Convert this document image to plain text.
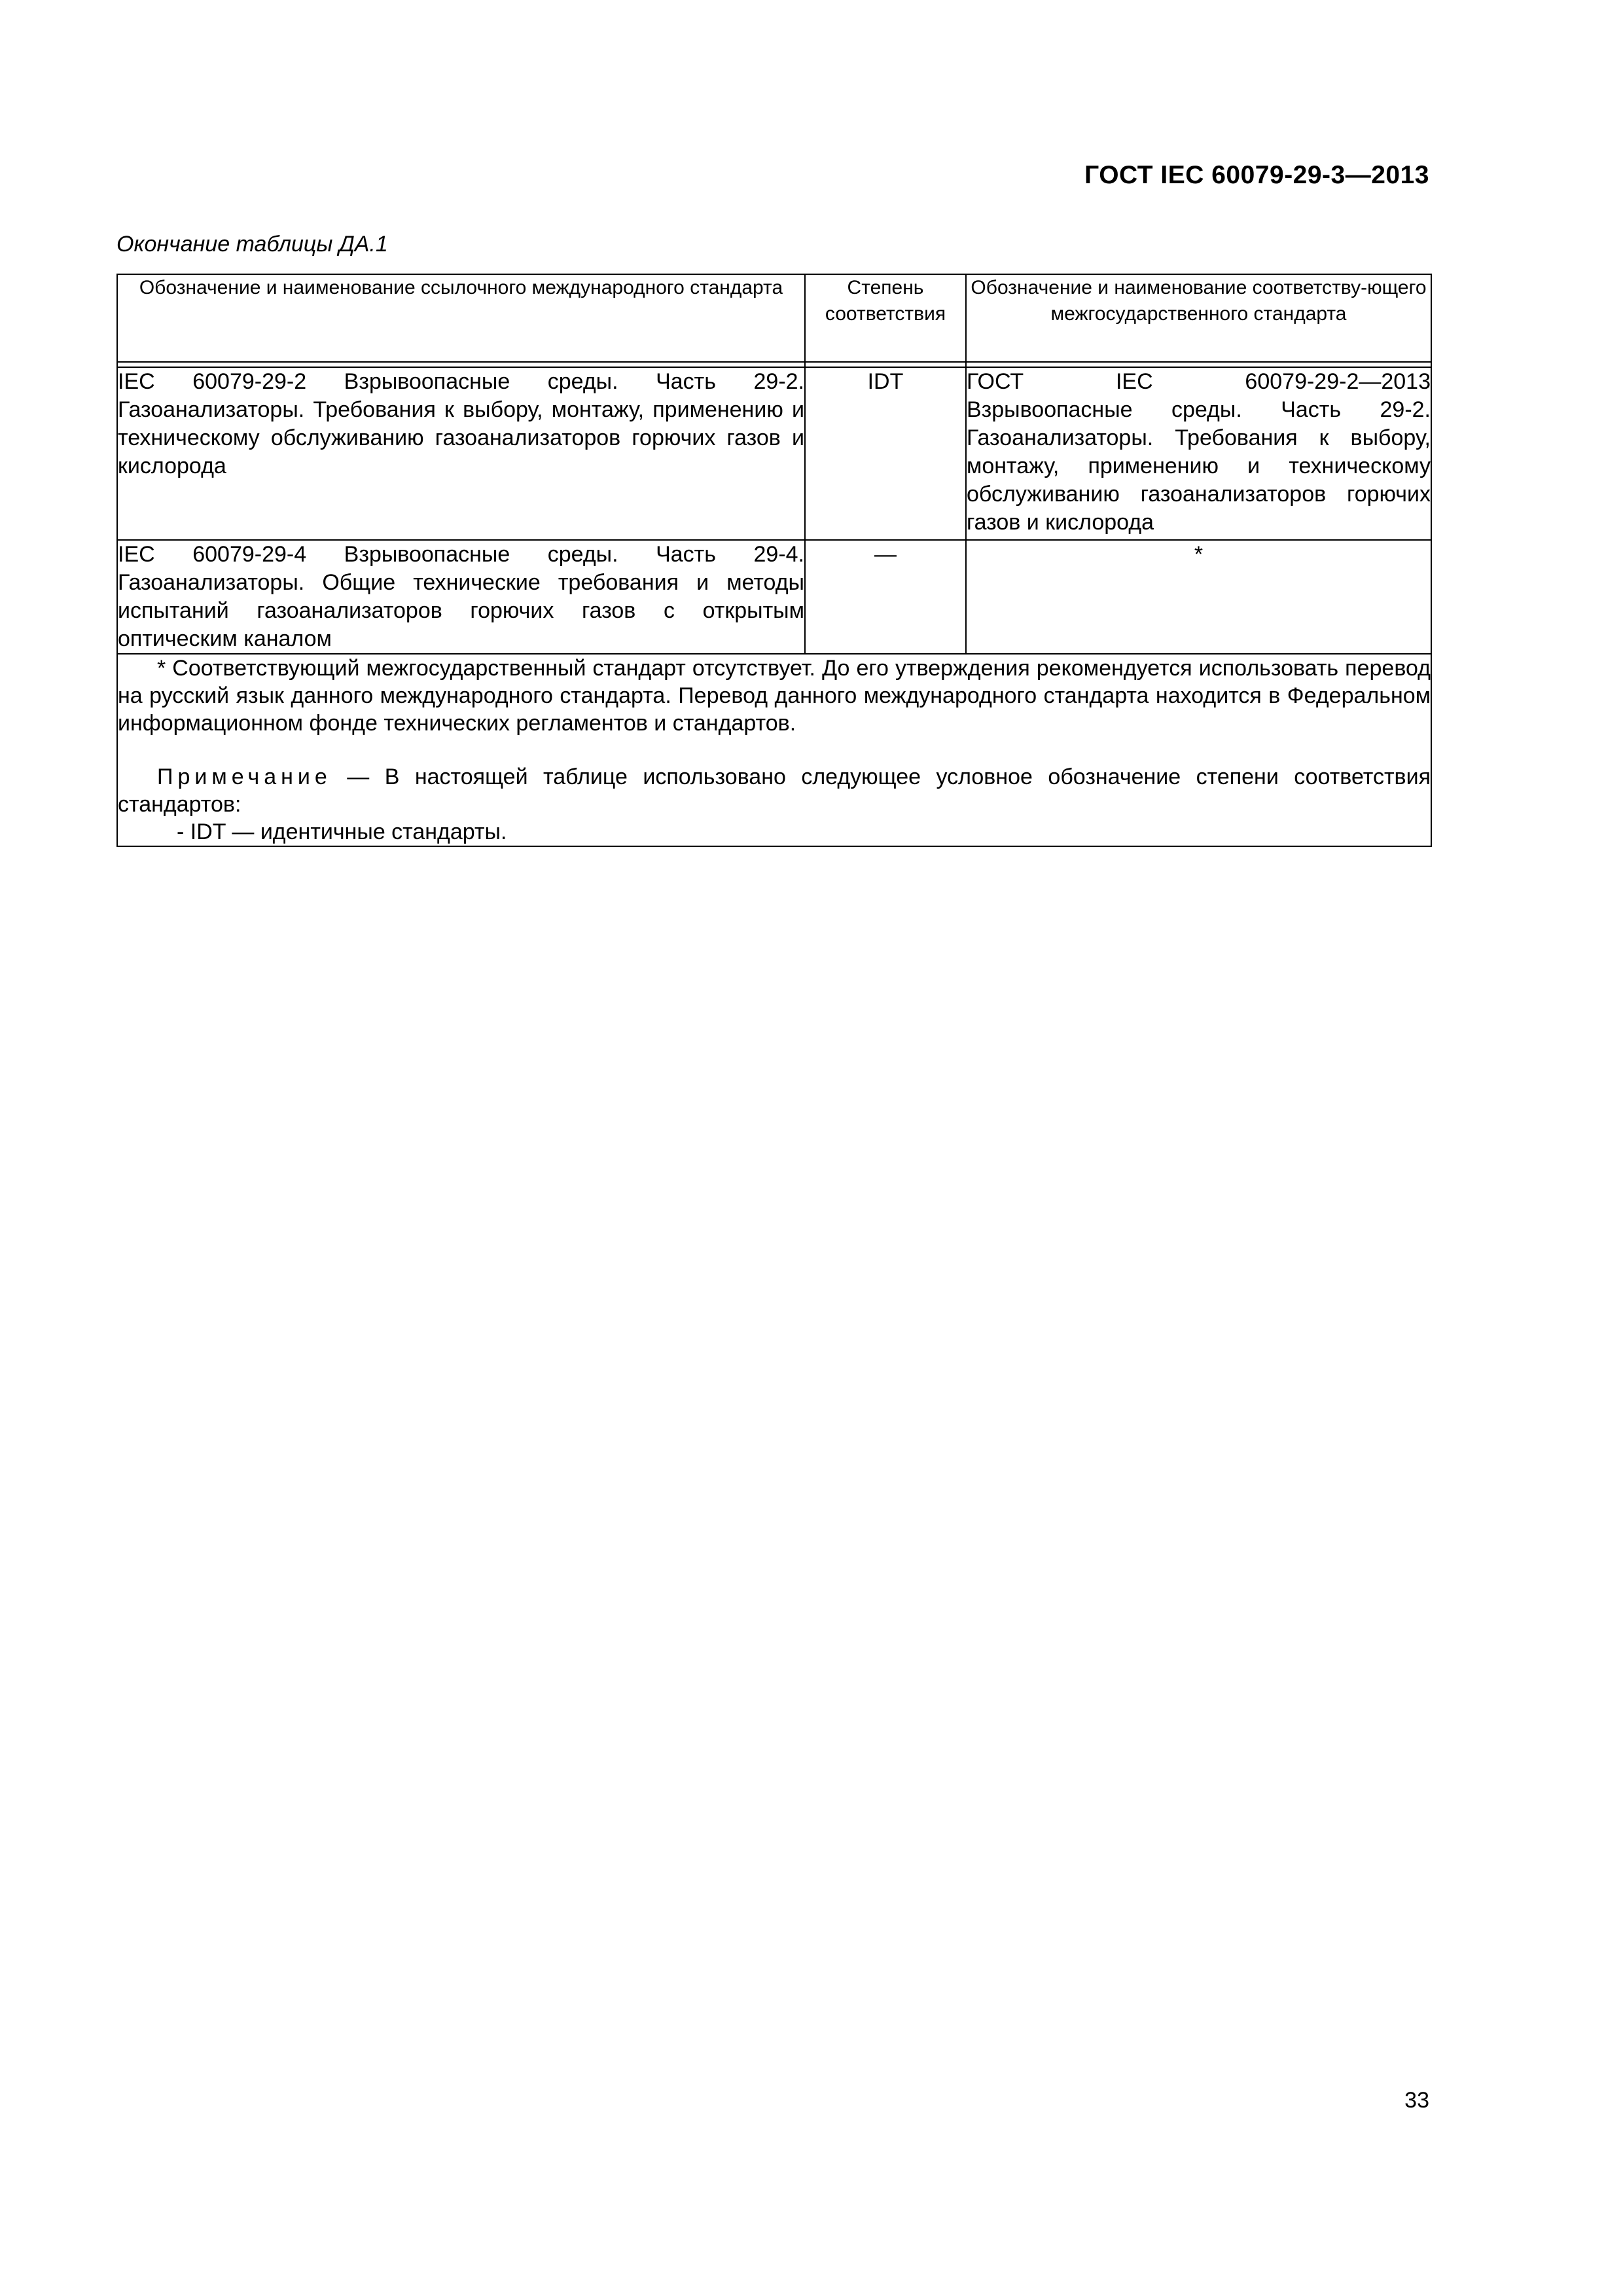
ГОСТ IEC 60079-29-3—2013
Окончание таблицы ДА.1
Обозначение и наименование ссылочного международного стандарта	Степень соответствия	Обозначение и наименование соответству-ющего межгосударственного стандарта

IEC 60079-29-2 Взрывоопасные среды. Часть 29-2. Газоанализаторы. Требования к выбору, монтажу, применению и техническому обслуживанию газоанализаторов горючих газов и кислорода	IDT	ГОСТ IEC 60079-29-2—2013 Взрывоопасные среды. Часть 29-2. Газоанализаторы. Требования к выбору, монтажу, применению и техническому обслуживанию газоанализаторов горючих газов и кислорода
IEC 60079-29-4 Взрывоопасные среды. Часть 29-4. Газоанализаторы. Общие технические требования и методы испытаний газоанализаторов горючих газов с открытым оптическим каналом	—	*

* Соответствующий межгосударственный стандарт отсутствует. До его утверждения рекомендуется использовать перевод на русский язык данного международного стандарта. Перевод данного международного стандарта находится в Федеральном информационном фонде технических регламентов и стандартов.

Примечание — В настоящей таблице использовано следующее условное обозначение степени соответствия стандартов:

- IDT — идентичные стандарты.		

33
